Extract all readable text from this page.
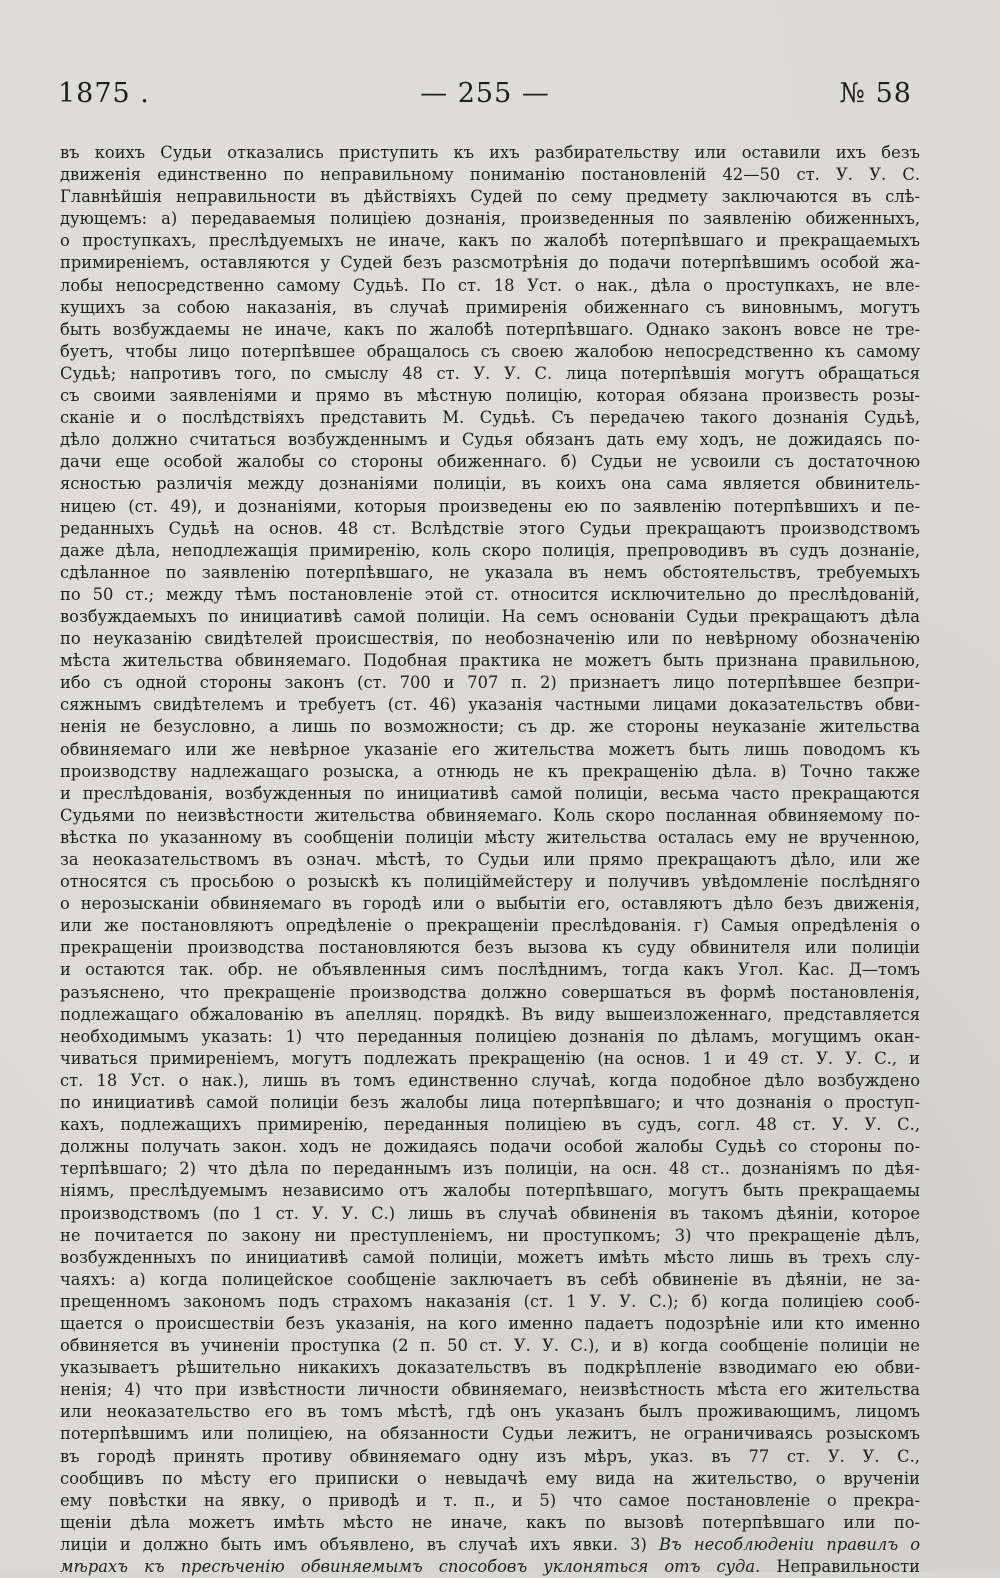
1875 .	— 255 —	№ 58
въ коихъ Судьи отказались приступить къ ихъ разбирательству или оставили ихъ безъ
движенія единственно по неправильному пониманію постановленій 42—50 ст. У. У. С.
Главнѣйшія неправильности въ дѣйствіяхъ Судей по сему предмету заключаются въ слѣ-
дующемъ: а) передаваемыя полиціею дознанія, произведенныя по заявленію обиженныхъ,
о проступкахъ, преслѣдуемыхъ не иначе, какъ по жалобѣ потерпѣвшаго и прекращаемыхъ
примиреніемъ, оставляются у Судей безъ разсмотрѣнія до подачи потерпѣвшимъ особой жа-
лобы непосредственно самому Судьѣ. По ст. 18 Уст. о нак., дѣла о проступкахъ, не вле-
кущихъ за собою наказанія, въ случаѣ примиренія обиженнаго съ виновнымъ, могутъ
быть возбуждаемы не иначе, какъ по жалобѣ потерпѣвшаго. Однако законъ вовсе не тре-
буетъ, чтобы лицо потерпѣвшее обращалось съ своею жалобою непосредственно къ самому
Судьѣ; напротивъ того, по смыслу 48 ст. У. У. С. лица потерпѣвшія могутъ обращаться
съ своими заявленіями и прямо въ мѣстную полицію, которая обязана произвесть розы-
сканіе и о послѣдствіяхъ представить М. Судьѣ. Съ передачею такого дознанія Судьѣ,
дѣло должно считаться возбужденнымъ и Судья обязанъ дать ему ходъ, не дожидаясь по-
дачи еще особой жалобы со стороны обиженнаго. б) Судьи не усвоили съ достаточною
ясностью различія между дознаніями полиціи, въ коихъ она сама является обвинитель-
ницею (ст. 49), и дознаніями, которыя произведены ею по заявленію потерпѣвшихъ и пе-
реданныхъ Судьѣ на основ. 48 ст. Вслѣдствіе этого Судьи прекращаютъ производствомъ
даже дѣла, неподлежащія примиренію, коль скоро полиція, препроводивъ въ судъ дознаніе,
сдѣланное по заявленію потерпѣвшаго, не указала въ немъ обстоятельствъ, требуемыхъ
по 50 ст.; между тѣмъ постановленіе этой ст. относится исключительно до преслѣдованій,
возбуждаемыхъ по инициативѣ самой полиціи. На семъ основаніи Судьи прекращаютъ дѣла
по неуказанію свидѣтелей происшествія, по необозначенію или по невѣрному обозначенію
мѣста жительства обвиняемаго. Подобная практика не можетъ быть признана правильною,
ибо съ одной стороны законъ (ст. 700 и 707 п. 2) признаетъ лицо потерпѣвшее безпри-
сяжнымъ свидѣтелемъ и требуетъ (ст. 46) указанія частными лицами доказательствъ обви-
ненія не безусловно, а лишь по возможности; съ др. же стороны неуказаніе жительства
обвиняемаго или же невѣрное указаніе его жительства можетъ быть лишь поводомъ къ
производству надлежащаго розыска, а отнюдь не къ прекращенію дѣла. в) Точно также
и преслѣдованія, возбужденныя по инициативѣ самой полиціи, весьма часто прекращаются
Судьями по неизвѣстности жительства обвиняемаго. Коль скоро посланная обвиняемому по-
вѣстка по указанному въ сообщеніи полиціи мѣсту жительства осталась ему не врученною,
за неоказательствомъ въ означ. мѣстѣ, то Судьи или прямо прекращаютъ дѣло, или же
относятся съ просьбою о розыскѣ къ полиціймейстеру и получивъ увѣдомленіе послѣдняго
о нерозысканіи обвиняемаго въ городѣ или о выбытіи его, оставляютъ дѣло безъ движенія,
или же постановляютъ опредѣленіе о прекращеніи преслѣдованія. г) Самыя опредѣленія о
прекращеніи производства постановляются безъ вызова къ суду обвинителя или полиціи
и остаются так. обр. не объявленныя симъ послѣднимъ, тогда какъ Угол. Кас. Д—томъ
разъяснено, что прекращеніе производства должно совершаться въ формѣ постановленія,
подлежащаго обжалованію въ апелляц. порядкѣ. Въ виду вышеизложеннаго, представляется
необходимымъ указать: 1) что переданныя полиціею дознанія по дѣламъ, могущимъ окан-
чиваться примиреніемъ, могутъ подлежать прекращенію (на основ. 1 и 49 ст. У. У. С., и
ст. 18 Уст. о нак.), лишь въ томъ единственно случаѣ, когда подобное дѣло возбуждено
по инициативѣ самой полиціи безъ жалобы лица потерпѣвшаго; и что дознанія о проступ-
кахъ, подлежащихъ примиренію, переданныя полиціею въ судъ, согл. 48 ст. У. У. С.,
должны получать закон. ходъ не дожидаясь подачи особой жалобы Судьѣ со стороны по-
терпѣвшаго; 2) что дѣла по переданнымъ изъ полиціи, на осн. 48 ст.. дознаніямъ по дѣя-
ніямъ, преслѣдуемымъ независимо отъ жалобы потерпѣвшаго, могутъ быть прекращаемы
производствомъ (по 1 ст. У. У. С.) лишь въ случаѣ обвиненія въ такомъ дѣяніи, которое
не почитается по закону ни преступленіемъ, ни проступкомъ; 3) что прекращеніе дѣлъ,
возбужденныхъ по инициативѣ самой полиціи, можетъ имѣть мѣсто лишь въ трехъ слу-
чаяхъ: а) когда полицейское сообщеніе заключаетъ въ себѣ обвиненіе въ дѣяніи, не за-
прещенномъ закономъ подъ страхомъ наказанія (ст. 1 У. У. С.); б) когда полиціею сооб-
щается о происшествіи безъ указанія, на кого именно падаетъ подозрѣніе или кто именно
обвиняется въ учиненіи проступка (2 п. 50 ст. У. У. С.), и в) когда сообщеніе полиціи не
указываетъ рѣшительно никакихъ доказательствъ въ подкрѣпленіе взводимаго ею обви-
ненія; 4) что при извѣстности личности обвиняемаго, неизвѣстность мѣста его жительства
или неоказательство его въ томъ мѣстѣ, гдѣ онъ указанъ былъ проживающимъ, лицомъ
потерпѣвшимъ или полиціею, на обязанности Судьи лежитъ, не ограничиваясь розыскомъ
въ городѣ принять противу обвиняемаго одну изъ мѣръ, указ. въ 77 ст. У. У. С.,
сообщивъ по мѣсту его приписки о невыдачѣ ему вида на жительство, о врученіи
ему повѣстки на явку, о приводѣ и т. п., и 5) что самое постановленіе о прекра-
щеніи дѣла можетъ имѣть мѣсто не иначе, какъ по вызовѣ потерпѣвшаго или по-
лиціи и должно быть имъ объявлено, въ случаѣ ихъ явки. 3) Въ несоблюденіи правилъ о
мѣрахъ къ пресѣченію обвиняемымъ способовъ уклоняться отъ суда. Неправильности
